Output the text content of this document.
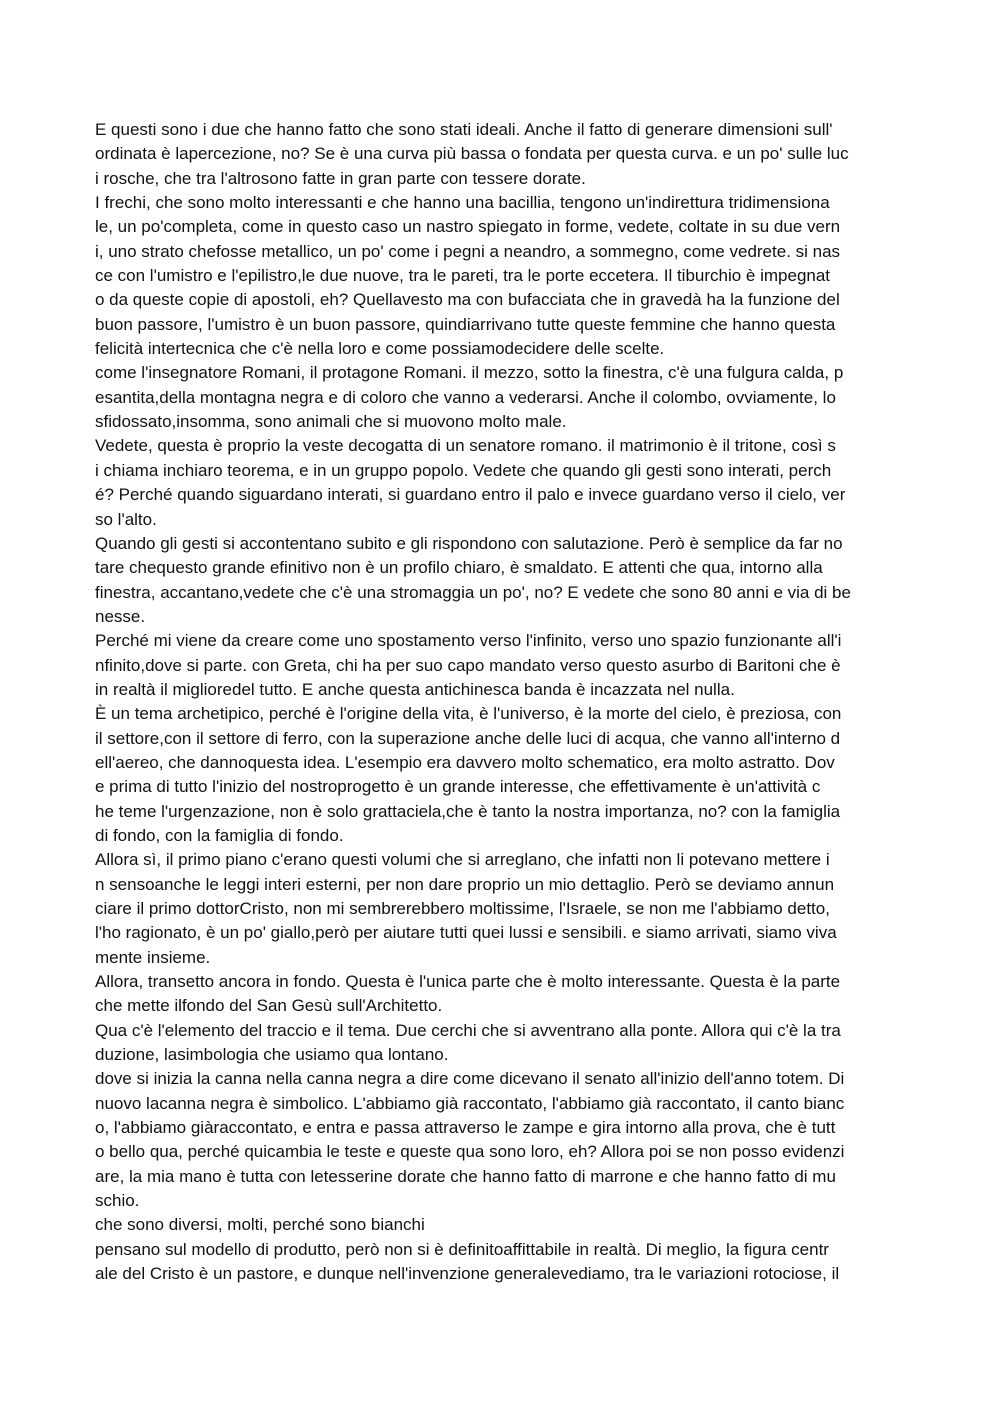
E questi sono i due che hanno fatto che sono stati ideali. Anche il fatto di generare dimensioni sull'

ordinata è lapercezione, no? Se è una curva più bassa o fondata per questa curva. e un po' sulle luc

i rosche, che tra l'altrosono fatte in gran parte con tessere dorate.

I frechi, che sono molto interessanti e che hanno una bacillia, tengono un'indirettura tridimensiona

le, un po'completa, come in questo caso un nastro spiegato in forme, vedete, coltate in su due vern

i, uno strato chefosse metallico, un po' come i pegni a neandro, a sommegno, come vedrete. si nas

ce con l'umistro e l'epilistro,le due nuove, tra le pareti, tra le porte eccetera. Il tiburchio è impegnat

o da queste copie di apostoli, eh? Quellavesto ma con bufacciata che in gravedà ha la funzione del

buon passore, l'umistro è un buon passore, quindiarrivano tutte queste femmine che hanno questa

felicità intertecnica che c'è nella loro e come possiamodecidere delle scelte.

come l'insegnatore Romani, il protagone Romani. il mezzo, sotto la finestra, c'è una fulgura calda, p

esantita,della montagna negra e di coloro che vanno a vederarsi. Anche il colombo, ovviamente, lo

sfidossato,insomma, sono animali che si muovono molto male.

Vedete, questa è proprio la veste decogatta di un senatore romano. il matrimonio è il tritone, così s

i chiama inchiaro teorema, e in un gruppo popolo. Vedete che quando gli gesti sono interati, perch

é? Perché quando siguardano interati, si guardano entro il palo e invece guardano verso il cielo, ver

so l'alto.

Quando gli gesti si accontentano subito e gli rispondono con salutazione. Però è semplice da far no

tare chequesto grande efinitivo non è un profilo chiaro, è smaldato. E attenti che qua, intorno alla

finestra, accantano,vedete che c'è una stromaggia un po', no? E vedete che sono 80 anni e via di be

nesse.

Perché mi viene da creare come uno spostamento verso l'infinito, verso uno spazio funzionante all'i

nfinito,dove si parte. con Greta, chi ha per suo capo mandato verso questo asurbo di Baritoni che è

in realtà il miglioredel tutto. E anche questa antichinesca banda è incazzata nel nulla.

È un tema archetipico, perché è l'origine della vita, è l'universo, è la morte del cielo, è preziosa, con

il settore,con il settore di ferro, con la superazione anche delle luci di acqua, che vanno all'interno d

ell'aereo, che dannoquesta idea. L'esempio era davvero molto schematico, era molto astratto. Dov

e prima di tutto l'inizio del nostroprogetto è un grande interesse, che effettivamente è un'attività c

he teme l'urgenzazione, non è solo grattaciela,che è tanto la nostra importanza, no? con la famiglia

di fondo, con la famiglia di fondo.

Allora sì, il primo piano c'erano questi volumi che si arreglano, che infatti non li potevano mettere i

n sensoanche le leggi interi esterni, per non dare proprio un mio dettaglio. Però se deviamo annun

ciare il primo dottorCristo, non mi sembrerebbero moltissime, l'Israele, se non me l'abbiamo detto,

l'ho ragionato, è un po' giallo,però per aiutare tutti quei lussi e sensibili. e siamo arrivati, siamo viva

mente insieme.

Allora, transetto ancora in fondo. Questa è l'unica parte che è molto interessante. Questa è la parte

che mette ilfondo del San Gesù sull'Architetto.

Qua c'è l'elemento del traccio e il tema. Due cerchi che si avventrano alla ponte. Allora qui c'è la tra

duzione, lasimbologia che usiamo qua lontano.

dove si inizia la canna nella canna negra a dire come dicevano il senato all'inizio dell'anno totem. Di

nuovo lacanna negra è simbolico. L'abbiamo già raccontato, l'abbiamo già raccontato, il canto bianc

o, l'abbiamo giàraccontato, e entra e passa attraverso le zampe e gira intorno alla prova, che è tutt

o bello qua, perché quicambia le teste e queste qua sono loro, eh? Allora poi se non posso evidenzi

are, la mia mano è tutta con letesserine dorate che hanno fatto di marrone e che hanno fatto di mu

schio.

che sono diversi, molti, perché sono bianchi

pensano sul modello di produtto, però non si è definitoaffittabile in realtà. Di meglio, la figura centr

ale del Cristo è un pastore, e dunque nell'invenzione generalevediamo, tra le variazioni rotociose, il
